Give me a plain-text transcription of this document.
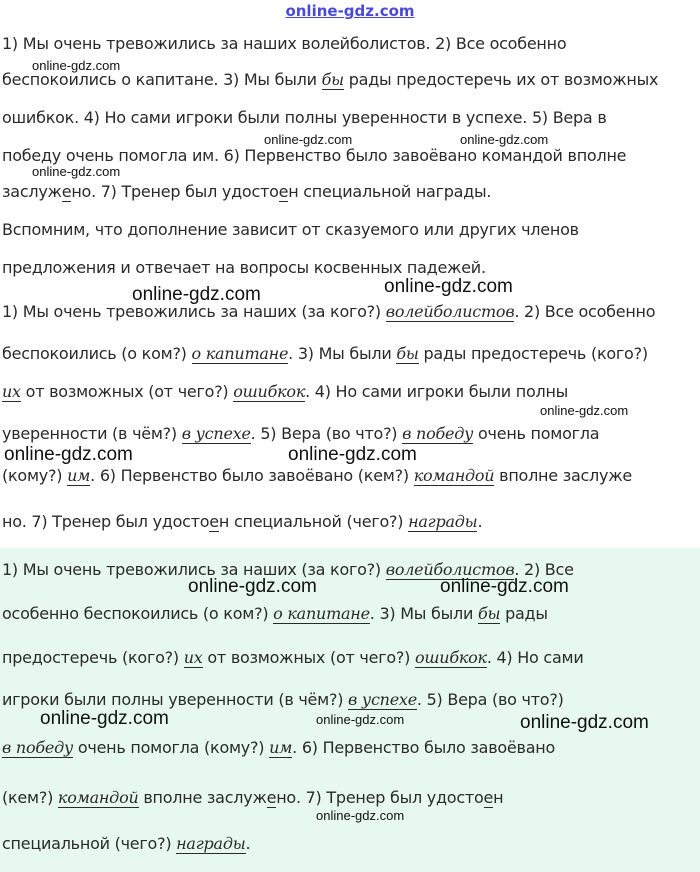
online-gdz.com
1) Мы очень тревожились за наших волейболистов. 2) Все особенно
беспокоились о капитане. 3) Мы были бы рады предостеречь их от возможных
ошибкок. 4) Но сами игроки были полны уверенности в успехе. 5) Вера в
победу очень помогла им. 6) Первенство было завоёвано командой вполне
заслужено. 7) Тренер был удостоен специальной награды.
Вспомним, что дополнение зависит от сказуемого или других членов
предложения и отвечает на вопросы косвенных падежей.
1) Мы очень тревожились за наших (за кого?) волейболистов. 2) Все особенно
беспокоились (о ком?) о капитане. 3) Мы были бы рады предостеречь (кого?)
их от возможных (от чего?) ошибкок. 4) Но сами игроки были полны
уверенности (в чём?) в успехе. 5) Вера (во что?) в победу очень помогла
(кому?) им. 6) Первенство было завоёвано (кем?) командой вполне заслуже
но. 7) Тренер был удостоен специальной (чего?) награды.
1) Мы очень тревожились за наших (за кого?) волейболистов. 2) Все
особенно беспокоились (о ком?) о капитане. 3) Мы были бы рады
предостеречь (кого?) их от возможных (от чего?) ошибкок. 4) Но сами
игроки были полны уверенности (в чём?) в успехе. 5) Вера (во что?)
в победу очень помогла (кому?) им. 6) Первенство было завоёвано
(кем?) командой вполне заслужено. 7) Тренер был удостоен
специальной (чего?) награды.
online-gdz.com
online-gdz.com	online-gdz.com
online-gdz.com
online-gdz.com	online-gdz.com
online-gdz.com
online-gdz.com	online-gdz.com
online-gdz.com	online-gdz.com
online-gdz.com	online-gdz.com	online-gdz.com
online-gdz.com
